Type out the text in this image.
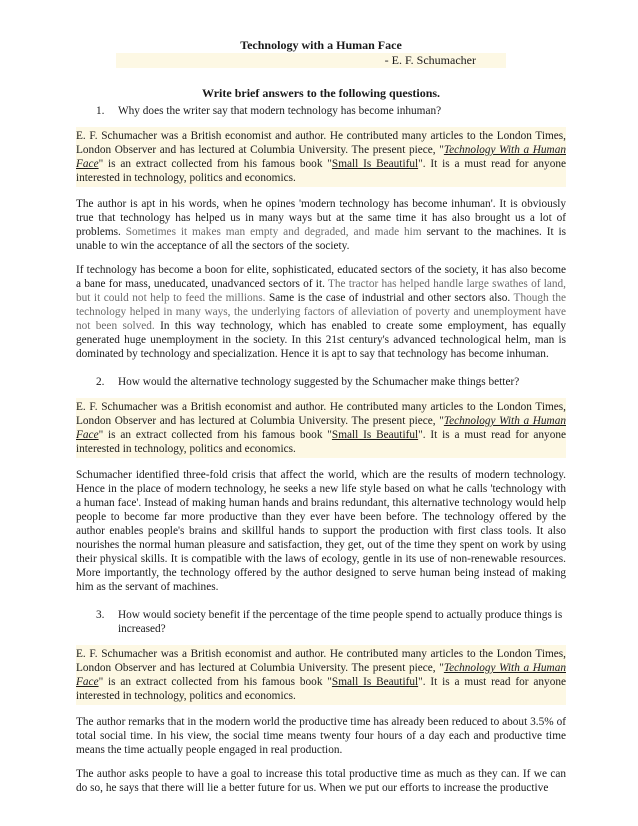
Technology with a Human Face
- E. F. Schumacher
Write brief answers to the following questions.
1.	Why does the writer say that modern technology has become inhuman?

E. F. Schumacher was a British economist and author. He contributed many articles to the London Times, London Observer and has lectured at Columbia University. The present piece, "Technology With a Human Face" is an extract collected from his famous book "Small Is Beautiful". It is a must read for anyone interested in technology, politics and economics.

The author is apt in his words, when he opines 'modern technology has become inhuman'. It is obviously true that technology has helped us in many ways but at the same time it has also brought us a lot of problems. Sometimes it makes man empty and degraded, and made him servant to the machines. It is unable to win the acceptance of all the sectors of the society.

If technology has become a boon for elite, sophisticated, educated sectors of the society, it has also become a bane for mass, uneducated, unadvanced sectors of it. The tractor has helped handle large swathes of land, but it could not help to feed the millions. Same is the case of industrial and other sectors also. Though the technology helped in many ways, the underlying factors of alleviation of poverty and unemployment have not been solved. In this way technology, which has enabled to create some employment, has equally generated huge unemployment in the society. In this 21st century's advanced technological helm, man is dominated by technology and specialization. Hence it is apt to say that technology has become inhuman.

2.	How would the alternative technology suggested by the Schumacher make things better?

E. F. Schumacher was a British economist and author. He contributed many articles to the London Times, London Observer and has lectured at Columbia University. The present piece, "Technology With a Human Face" is an extract collected from his famous book "Small Is Beautiful". It is a must read for anyone interested in technology, politics and economics.

Schumacher identified three-fold crisis that affect the world, which are the results of modern technology. Hence in the place of modern technology, he seeks a new life style based on what he calls 'technology with a human face'. Instead of making human hands and brains redundant, this alternative technology would help people to become far more productive than they ever have been before. The technology offered by the author enables people's brains and skillful hands to support the production with first class tools. It also nourishes the normal human pleasure and satisfaction, they get, out of the time they spent on work by using their physical skills. It is compatible with the laws of ecology, gentle in its use of non-renewable resources. More importantly, the technology offered by the author designed to serve human being instead of making him as the servant of machines.

3.	How would society benefit if the percentage of the time people spend to actually produce things is increased?

E. F. Schumacher was a British economist and author. He contributed many articles to the London Times, London Observer and has lectured at Columbia University. The present piece, "Technology With a Human Face" is an extract collected from his famous book "Small Is Beautiful". It is a must read for anyone interested in technology, politics and economics.

The author remarks that in the modern world the productive time has already been reduced to about 3.5% of total social time. In his view, the social time means twenty four hours of a day each and productive time means the time actually people engaged in real production.

The author asks people to have a goal to increase this total productive time as much as they can. If we can do so, he says that there will lie a better future for us. When we put our efforts to increase the productive
